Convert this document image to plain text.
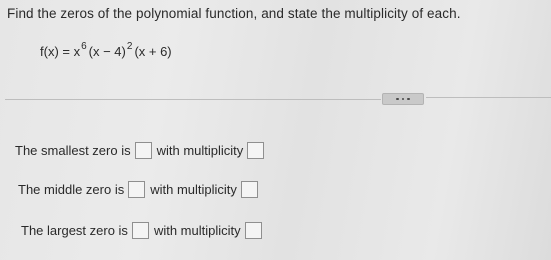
Find the zeros of the polynomial function, and state the multiplicity of each.
$f(x) = x^6$ $(x - 4)^2$ (x + 6)
The smallest zero is with multiplicity
The middle zero is with multiplicity
The largest zero is with multiplicity
